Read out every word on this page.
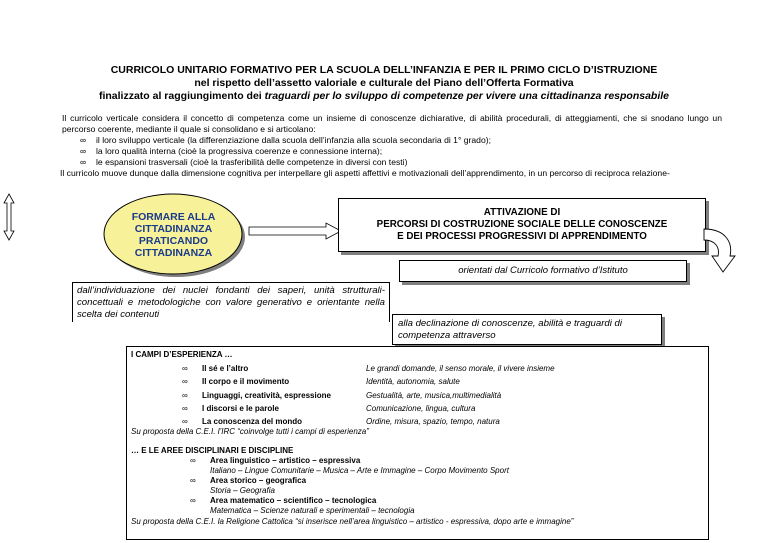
CURRICOLO UNITARIO FORMATIVO PER LA SCUOLA DELL’INFANZIA E PER IL PRIMO CICLO D’ISTRUZIONE
nel rispetto dell’assetto valoriale e culturale del Piano dell’Offerta Formativa
finalizzato al raggiungimento dei traguardi per lo sviluppo di competenze per vivere una cittadinanza responsabile
Il curricolo verticale considera il concetto di competenza come un insieme di conoscenze dichiarative, di abilità procedurali, di atteggiamenti, che si snodano lungo un percorso coerente, mediante il quale si consolidano e si articolano:
∞	il loro sviluppo verticale (la differenziazione dalla scuola dell’infanzia alla scuola secondaria di 1° grado);
∞	la loro qualità interna (cioè la progressiva coerenze e connessione interna);
∞	le espansioni trasversali (cioè la trasferibilità delle competenze in diversi con testi)
Il curricolo muove dunque dalla dimensione cognitiva per interpellare gli aspetti affettivi e motivazionali dell’apprendimento, in un percorso di reciproca relazione-
FORMARE ALLA
CITTADINANZA
PRATICANDO
CITTADINANZA
ATTIVAZIONE DI
PERCORSI DI COSTRUZIONE SOCIALE DELLE CONOSCENZE
E DEI PROCESSI PROGRESSIVI DI APPRENDIMENTO
orientati dal Curricolo formativo d’Istituto
dall’individuazione dei nuclei fondanti dei saperi, unità strutturali-concettuali e metodologiche con valore generativo e orientante nella scelta dei contenuti
alla declinazione di conoscenze, abilità e traguardi di competenza attraverso
I CAMPI D’ESPERIENZA …
∞ Il sé e l’altro	Le grandi domande, il senso morale, il vivere insieme
∞ Il corpo e il movimento	Identità, autonomia, salute
∞ Linguaggi, creatività, espressione	Gestualità, arte, musica,multimedialità
∞ I discorsi e le parole	Comunicazione, lingua, cultura
∞ La conoscenza del mondo	Ordine, misura, spazio, tempo, natura
Su proposta della C.E.I. l’IRC “coinvolge tutti i campi di esperienza”
… E LE AREE DISCIPLINARI E DISCIPLINE
∞ Area linguistico – artistico – espressiva
Italiano – Lingue Comunitarie – Musica – Arte e Immagine – Corpo Movimento Sport
∞ Area storico – geografica
Storia – Geografia
∞ Area matematico – scientifico – tecnologica
Matematica – Scienze naturali e sperimentali – tecnologia
Su proposta della C.E.I. la Religione Cattolica “si inserisce nell’area linguistico – artistico - espressiva, dopo arte e immagine”
